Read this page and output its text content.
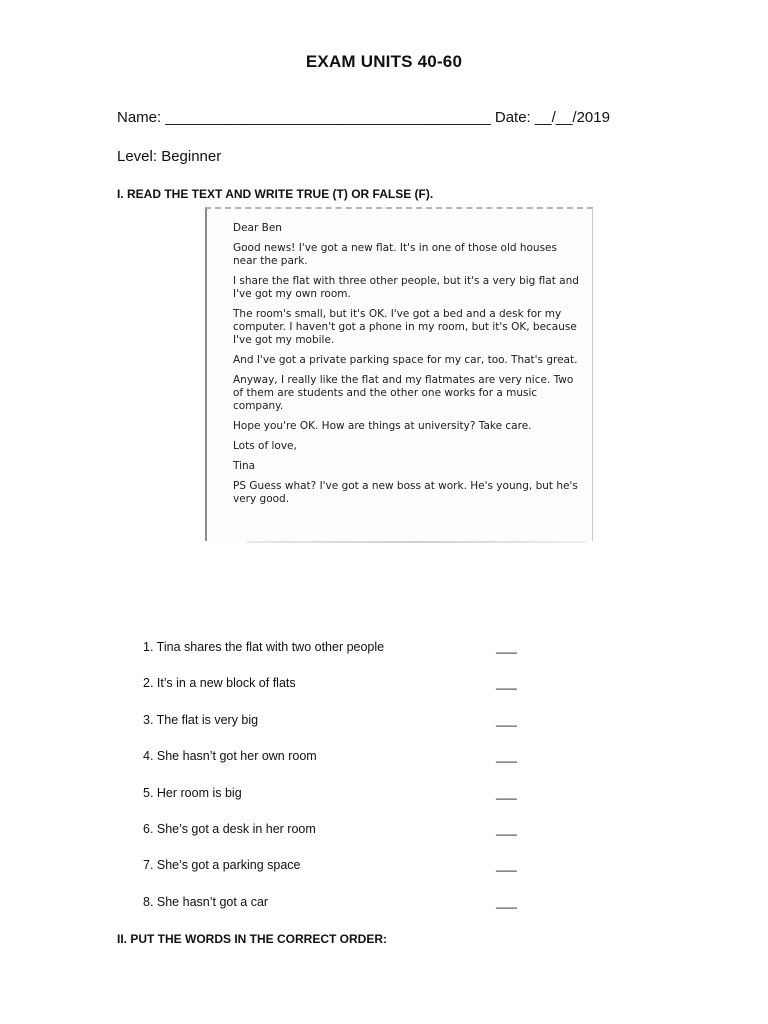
EXAM UNITS 40-60
Name: _______________________________________ Date: __/__/2019
Level: Beginner
I. READ THE TEXT AND WRITE TRUE (T) OR FALSE (F).

Dear Ben

Good news! I've got a new flat. It's in one of those old houses near the park.

I share the flat with three other people, but it's a very big flat and I've got my own room.

The room's small, but it's OK. I've got a bed and a desk for my computer. I haven't got a phone in my room, but it's OK, because I've got my mobile.

And I've got a private parking space for my car, too. That's great.

Anyway, I really like the flat and my flatmates are very nice. Two of them are students and the other one works for a music company.

Hope you're OK. How are things at university? Take care.

Lots of love,

Tina

PS Guess what? I've got a new boss at work. He's young, but he's very good.

1. Tina shares the flat with two other people	___
2. It’s in a new block of flats	___
3. The flat is very big	___
4. She hasn’t got her own room	___
5. Her room is big	___
6. She’s got a desk in her room	___
7. She’s got a parking space	___
8. She hasn’t got a car	___
II. PUT THE WORDS IN THE CORRECT ORDER:
